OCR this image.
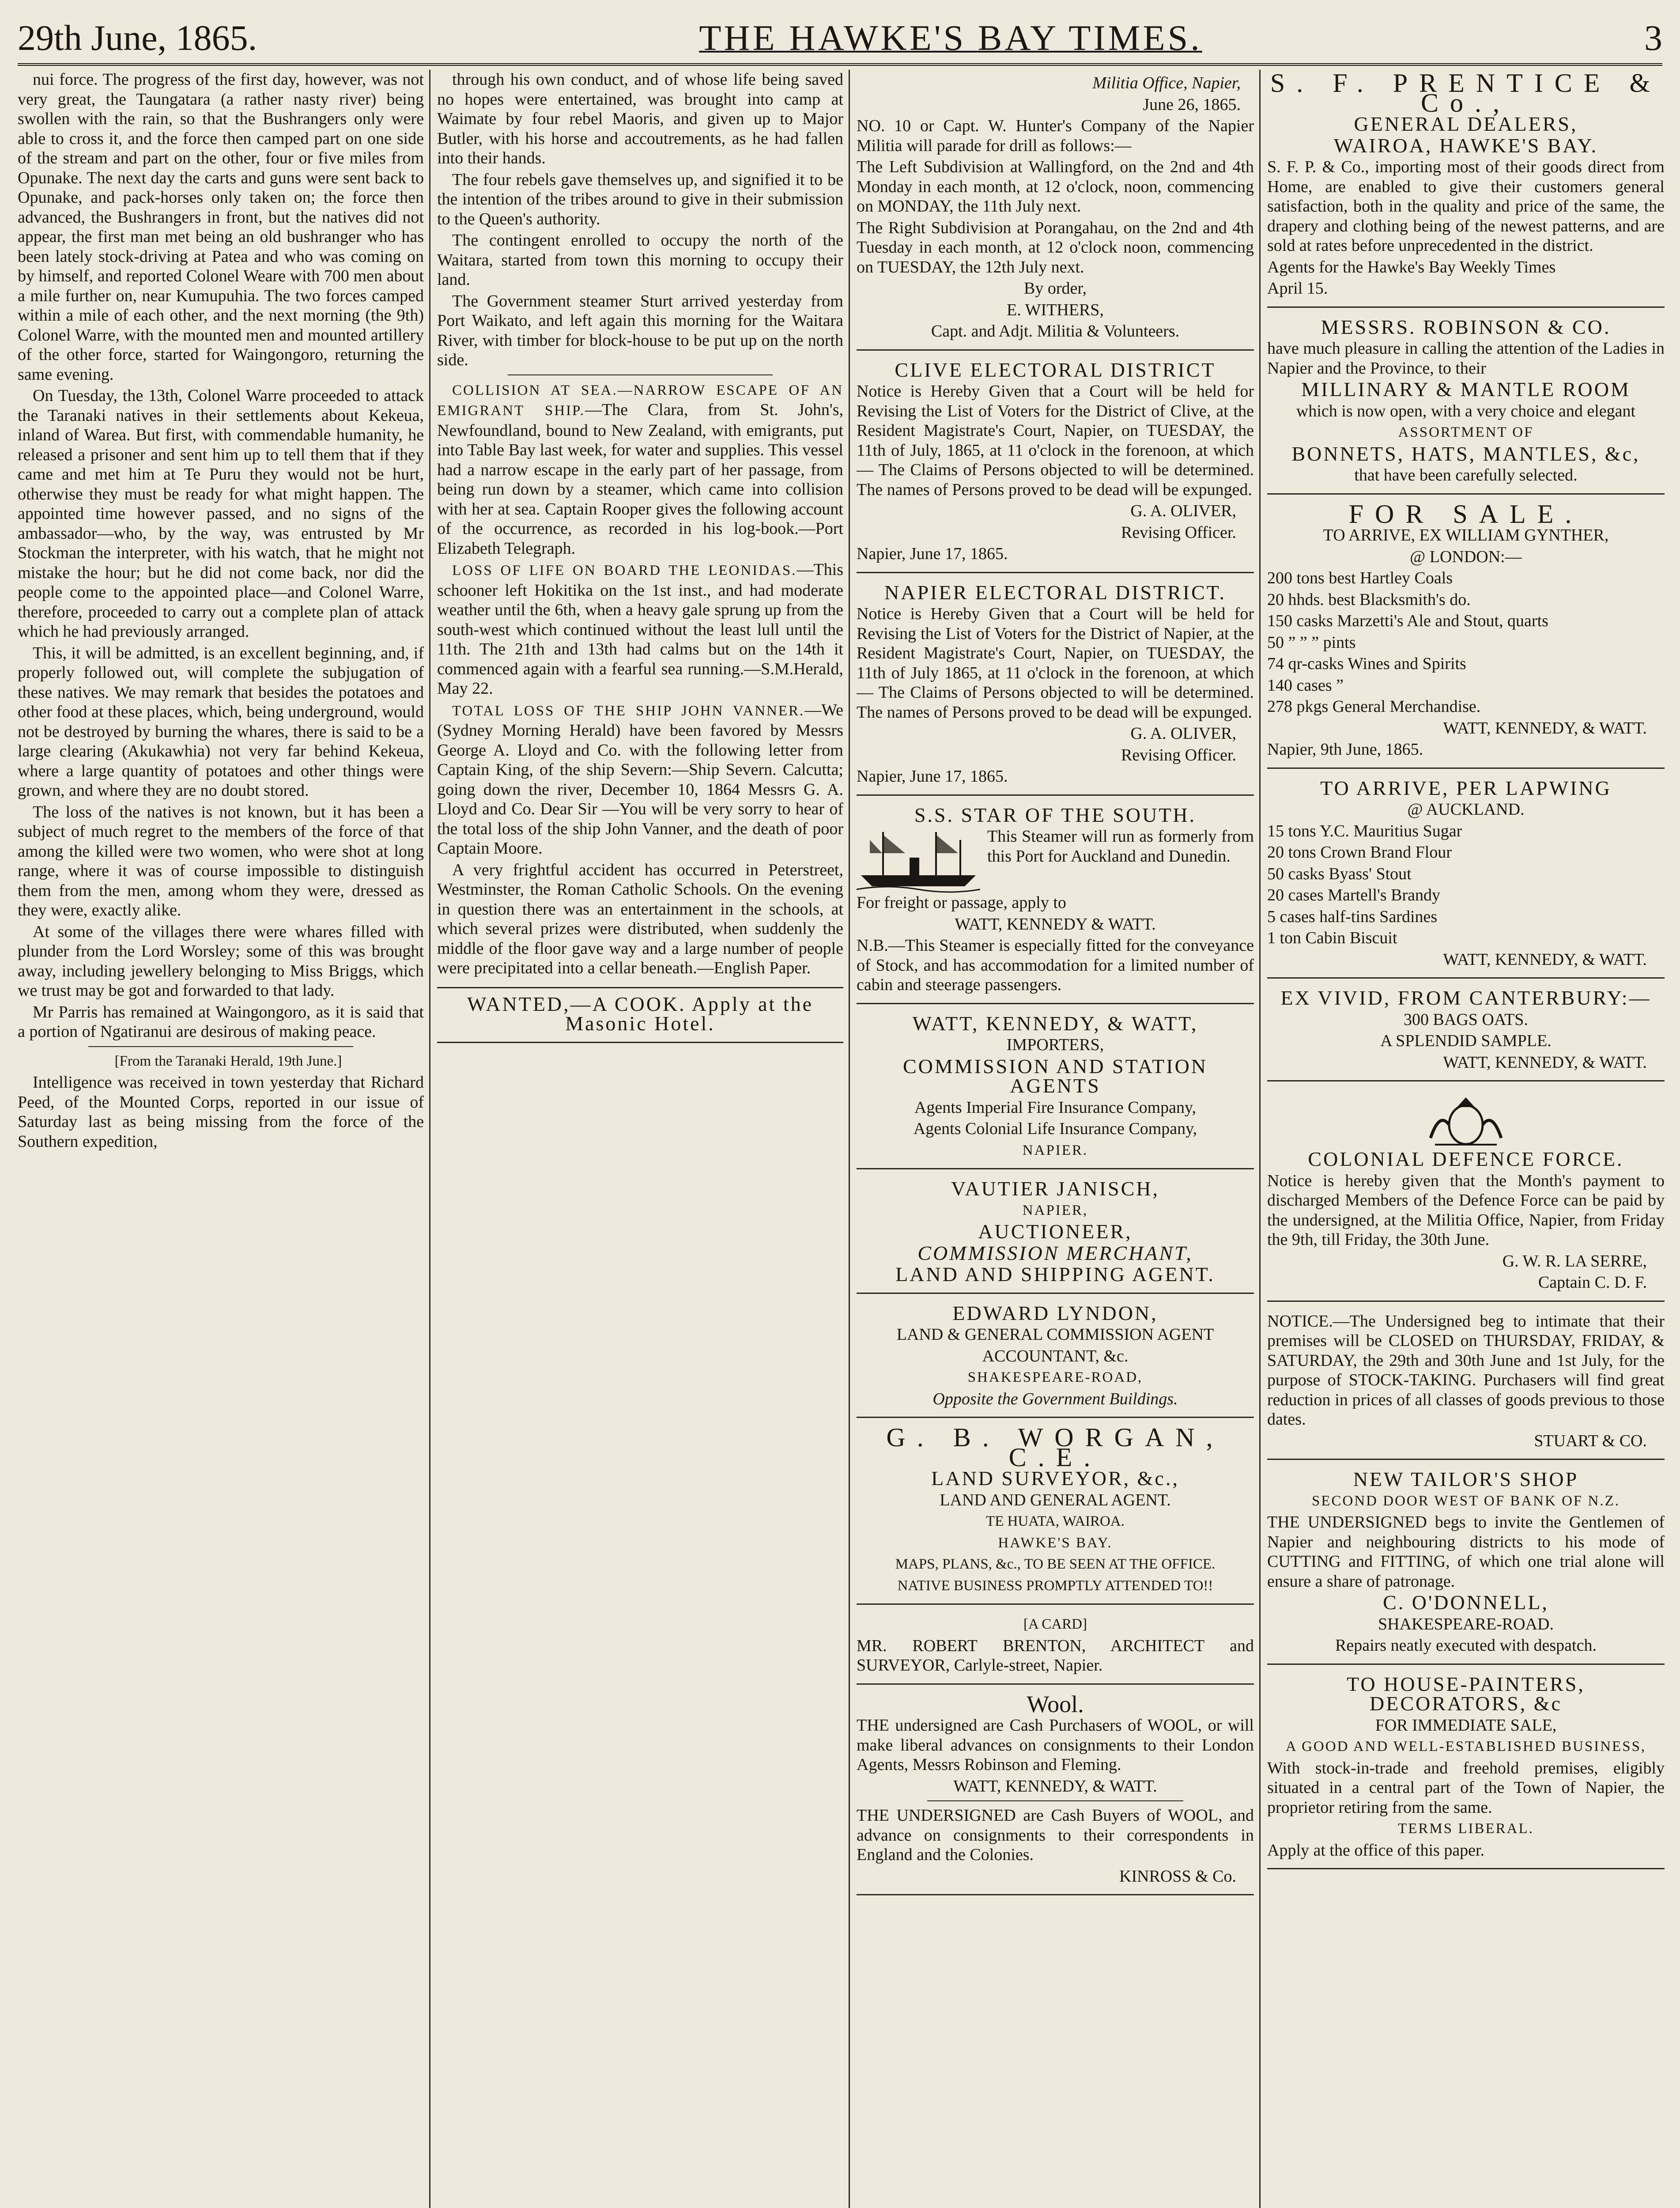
29th June, 1865.	THE HAWKE'S BAY TIMES.	3

nui force. The progress of the first day, however, was not very great, the Taungatara (a rather nasty river) being swollen with the rain, so that the Bushrangers only were able to cross it, and the force then camped part on one side of the stream and part on the other, four or five miles from Opunake. The next day the carts and guns were sent back to Opunake, and pack-horses only taken on; the force then advanced, the Bushrangers in front, but the natives did not appear, the first man met being an old bushranger who has been lately stock-driving at Patea and who was coming on by himself, and reported Colonel Weare with 700 men about a mile further on, near Kumupuhia. The two forces camped within a mile of each other, and the next morning (the 9th) Colonel Warre, with the mounted men and mounted artillery of the other force, started for Waingongoro, returning the same evening.

On Tuesday, the 13th, Colonel Warre proceeded to attack the Taranaki natives in their settlements about Kekeua, inland of Warea. But first, with commendable humanity, he released a prisoner and sent him up to tell them that if they came and met him at Te Puru they would not be hurt, otherwise they must be ready for what might happen. The appointed time however passed, and no signs of the ambassador—who, by the way, was entrusted by Mr Stockman the interpreter, with his watch, that he might not mistake the hour; but he did not come back, nor did the people come to the appointed place—and Colonel Warre, therefore, proceeded to carry out a complete plan of attack which he had previously arranged.

This, it will be admitted, is an excellent beginning, and, if properly followed out, will complete the subjugation of these natives. We may remark that besides the potatoes and other food at these places, which, being underground, would not be destroyed by burning the whares, there is said to be a large clearing (Akukawhia) not very far behind Kekeua, where a large quantity of potatoes and other things were grown, and where they are no doubt stored.

The loss of the natives is not known, but it has been a subject of much regret to the members of the force of that among the killed were two women, who were shot at long range, where it was of course impossible to distinguish them from the men, among whom they were, dressed as they were, exactly alike.

At some of the villages there were whares filled with plunder from the Lord Worsley; some of this was brought away, including jewellery belonging to Miss Briggs, which we trust may be got and forwarded to that lady.

Mr Parris has remained at Waingongoro, as it is said that a portion of Ngatiranui are desirous of making peace.

[From the Taranaki Herald, 19th June.]

Intelligence was received in town yesterday that Richard Peed, of the Mounted Corps, reported in our issue of Saturday last as being missing from the force of the Southern expedition,

through his own conduct, and of whose life being saved no hopes were entertained, was brought into camp at Waimate by four rebel Maoris, and given up to Major Butler, with his horse and accoutrements, as he had fallen into their hands.

The four rebels gave themselves up, and signified it to be the intention of the tribes around to give in their submission to the Queen's authority.

The contingent enrolled to occupy the north of the Waitara, started from town this morning to occupy their land.

The Government steamer Sturt arrived yesterday from Port Waikato, and left again this morning for the Waitara River, with timber for block-house to be put up on the north side.

COLLISION AT SEA.—NARROW ESCAPE OF AN EMIGRANT SHIP.—The Clara, from St. John's, Newfoundland, bound to New Zealand, with emigrants, put into Table Bay last week, for water and supplies. This vessel had a narrow escape in the early part of her passage, from being run down by a steamer, which came into collision with her at sea. Captain Rooper gives the following account of the occurrence, as recorded in his log-book.—Port Elizabeth Telegraph.

LOSS OF LIFE ON BOARD THE LEONIDAS.—This schooner left Hokitika on the 1st inst., and had moderate weather until the 6th, when a heavy gale sprung up from the south-west which continued without the least lull until the 11th. The 21th and 13th had calms but on the 14th it commenced again with a fearful sea running.—S.M.Herald, May 22.

TOTAL LOSS OF THE SHIP JOHN VANNER.—We (Sydney Morning Herald) have been favored by Messrs George A. Lloyd and Co. with the following letter from Captain King, of the ship Severn:—Ship Severn. Calcutta; going down the river, December 10, 1864 Messrs G. A. Lloyd and Co. Dear Sir —You will be very sorry to hear of the total loss of the ship John Vanner, and the death of poor Captain Moore.

A very frightful accident has occurred in Peterstreet, Westminster, the Roman Catholic Schools. On the evening in question there was an entertainment in the schools, at which several prizes were distributed, when suddenly the middle of the floor gave way and a large number of people were precipitated into a cellar beneath.—English Paper.

WANTED,—A COOK. Apply at the Masonic Hotel.

Militia Office, Napier,

June 26, 1865.

NO. 10 or Capt. W. Hunter's Company of the Napier Militia will parade for drill as follows:—

The Left Subdivision at Wallingford, on the 2nd and 4th Monday in each month, at 12 o'clock, noon, commencing on MONDAY, the 11th July next.

The Right Subdivision at Porangahau, on the 2nd and 4th Tuesday in each month, at 12 o'clock noon, commencing on TUESDAY, the 12th July next.

By order,

E. WITHERS,

Capt. and Adjt. Militia & Volunteers.

CLIVE ELECTORAL DISTRICT

Notice is Hereby Given that a Court will be held for Revising the List of Voters for the District of Clive, at the Resident Magistrate's Court, Napier, on TUESDAY, the 11th of July, 1865, at 11 o'clock in the forenoon, at which— The Claims of Persons objected to will be determined. The names of Persons proved to be dead will be expunged.

G. A. OLIVER,

Revising Officer.

Napier, June 17, 1865.

NAPIER ELECTORAL DISTRICT.

Notice is Hereby Given that a Court will be held for Revising the List of Voters for the District of Napier, at the Resident Magistrate's Court, Napier, on TUESDAY, the 11th of July 1865, at 11 o'clock in the forenoon, at which— The Claims of Persons objected to will be determined. The names of Persons proved to be dead will be expunged.

G. A. OLIVER,

Revising Officer.

Napier, June 17, 1865.

S.S. STAR OF THE SOUTH.

This Steamer will run as formerly from this Port for Auckland and Dunedin.

For freight or passage, apply to

WATT, KENNEDY & WATT.

N.B.—This Steamer is especially fitted for the conveyance of Stock, and has accommodation for a limited number of cabin and steerage passengers.

WATT, KENNEDY, & WATT,

IMPORTERS,

COMMISSION AND STATION AGENTS

Agents Imperial Fire Insurance Company,

Agents Colonial Life Insurance Company,

NAPIER.

VAUTIER JANISCH,

NAPIER,

AUCTIONEER,

COMMISSION MERCHANT,

LAND AND SHIPPING AGENT.

EDWARD LYNDON,

LAND & GENERAL COMMISSION AGENT

ACCOUNTANT, &c.

SHAKESPEARE-ROAD,

Opposite the Government Buildings.

G. B. WORGAN, C.E.

LAND SURVEYOR, &c.,

LAND AND GENERAL AGENT.

TE HUATA, WAIROA.

HAWKE'S BAY.

MAPS, PLANS, &c., TO BE SEEN AT THE OFFICE.

NATIVE BUSINESS PROMPTLY ATTENDED TO!!

[A CARD]

MR. ROBERT BRENTON, ARCHITECT and SURVEYOR, Carlyle-street, Napier.

Wool.

THE undersigned are Cash Purchasers of WOOL, or will make liberal advances on consignments to their London Agents, Messrs Robinson and Fleming.

WATT, KENNEDY, & WATT.

THE UNDERSIGNED are Cash Buyers of WOOL, and advance on consignments to their correspondents in England and the Colonies.

KINROSS & Co.

S. F. PRENTICE & Co.,

GENERAL DEALERS,

WAIROA, HAWKE'S BAY.

S. F. P. & Co., importing most of their goods direct from Home, are enabled to give their customers general satisfaction, both in the quality and price of the same, the drapery and clothing being of the newest patterns, and are sold at rates before unprecedented in the district.

Agents for the Hawke's Bay Weekly Times

April 15.

MESSRS. ROBINSON & CO.

have much pleasure in calling the attention of the Ladies in Napier and the Province, to their

MILLINARY & MANTLE ROOM

which is now open, with a very choice and elegant

ASSORTMENT OF

BONNETS, HATS, MANTLES, &c,

that have been carefully selected.

FOR SALE.

TO ARRIVE, EX WILLIAM GYNTHER,

@ LONDON:—

200 tons best Hartley Coals

20 hhds. best Blacksmith's do.

150 casks Marzetti's Ale and Stout, quarts

50 ” ” ” pints

74 qr-casks Wines and Spirits

140 cases ”

278 pkgs General Merchandise.

WATT, KENNEDY, & WATT.

Napier, 9th June, 1865.

TO ARRIVE, PER LAPWING

@ AUCKLAND.

15 tons Y.C. Mauritius Sugar

20 tons Crown Brand Flour

50 casks Byass' Stout

20 cases Martell's Brandy

5 cases half-tins Sardines

1 ton Cabin Biscuit

WATT, KENNEDY, & WATT.

EX VIVID, FROM CANTERBURY:—

300 BAGS OATS.

A SPLENDID SAMPLE.

WATT, KENNEDY, & WATT.

COLONIAL DEFENCE FORCE.

Notice is hereby given that the Month's payment to discharged Members of the Defence Force can be paid by the undersigned, at the Militia Office, Napier, from Friday the 9th, till Friday, the 30th June.

G. W. R. LA SERRE,

Captain C. D. F.

NOTICE.—The Undersigned beg to intimate that their premises will be CLOSED on THURSDAY, FRIDAY, & SATURDAY, the 29th and 30th June and 1st July, for the purpose of STOCK-TAKING. Purchasers will find great reduction in prices of all classes of goods previous to those dates.

STUART & CO.

NEW TAILOR'S SHOP

SECOND DOOR WEST OF BANK OF N.Z.

THE UNDERSIGNED begs to invite the Gentlemen of Napier and neighbouring districts to his mode of CUTTING and FITTING, of which one trial alone will ensure a share of patronage.

C. O'DONNELL,

SHAKESPEARE-ROAD.

Repairs neatly executed with despatch.

TO HOUSE-PAINTERS, DECORATORS, &c

FOR IMMEDIATE SALE,

A GOOD AND WELL-ESTABLISHED BUSINESS,

With stock-in-trade and freehold premises, eligibly situated in a central part of the Town of Napier, the proprietor retiring from the same.

TERMS LIBERAL.

Apply at the office of this paper.
